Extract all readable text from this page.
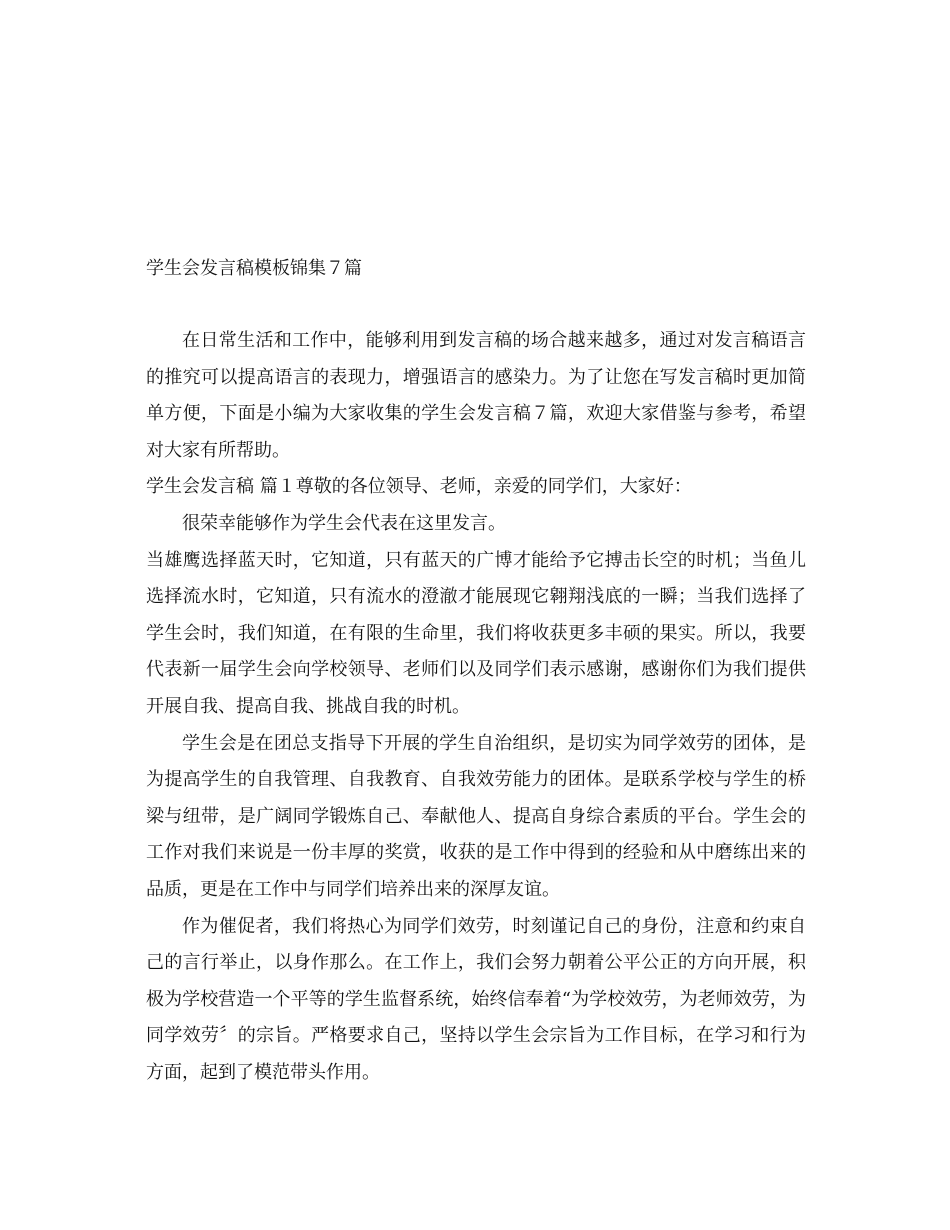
学生会发言稿模板锦集７篇

在日常生活和工作中，能够利用到发言稿的场合越来越多，通过对发言稿语言的推究可以提高语言的表现力，增强语言的感染力。为了让您在写发言稿时更加简单方便，下面是小编为大家收集的学生会发言稿７篇，欢迎大家借鉴与参考，希望对大家有所帮助。

学生会发言稿 篇１尊敬的各位领导、老师，亲爱的同学们，大家好：

很荣幸能够作为学生会代表在这里发言。

当雄鹰选择蓝天时，它知道，只有蓝天的广博才能给予它搏击长空的时机；当鱼儿选择流水时，它知道，只有流水的澄澈才能展现它翱翔浅底的一瞬；当我们选择了学生会时，我们知道，在有限的生命里，我们将收获更多丰硕的果实。所以，我要代表新一届学生会向学校领导、老师们以及同学们表示感谢，感谢你们为我们提供开展自我、提高自我、挑战自我的时机。

学生会是在团总支指导下开展的学生自治组织，是切实为同学效劳的团体，是为提高学生的自我管理、自我教育、自我效劳能力的团体。是联系学校与学生的桥梁与纽带，是广阔同学锻炼自己、奉献他人、提高自身综合素质的平台。学生会的工作对我们来说是一份丰厚的奖赏，收获的是工作中得到的经验和从中磨练出来的品质，更是在工作中与同学们培养出来的深厚友谊。

作为催促者，我们将热心为同学们效劳，时刻谨记自己的身份，注意和约束自己的言行举止，以身作那么。在工作上，我们会努力朝着公平公正的方向开展，积极为学校营造一个平等的学生监督系统，始终信奉着“为学校效劳，为老师效劳，为同学效劳〞的宗旨。严格要求自己，坚持以学生会宗旨为工作目标，在学习和行为方面，起到了模范带头作用。
